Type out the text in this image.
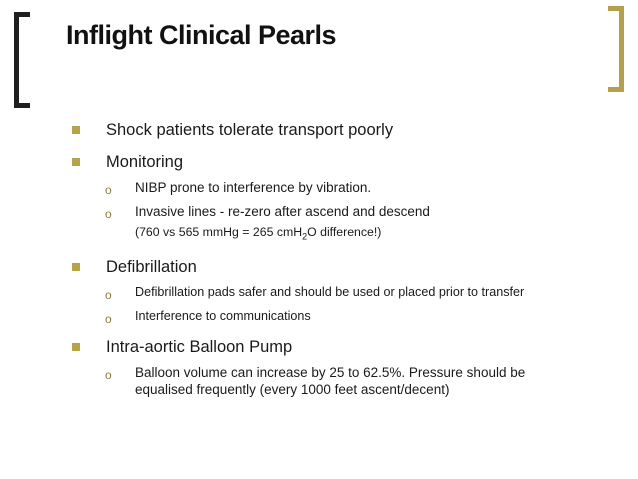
Inflight Clinical Pearls
Shock patients tolerate transport poorly
Monitoring
o NIBP prone to interference by vibration.
o Invasive lines - re-zero after ascend and descend
(760 vs 565 mmHg = 265 cmH$_2$O difference!)
Defibrillation
o Defibrillation pads safer and should be used or placed prior to transfer
o Interference to communications
Intra-aortic Balloon Pump
o Balloon volume can increase by 25 to 62.5%. Pressure should be equalised frequently (every 1000 feet ascent/decent)
